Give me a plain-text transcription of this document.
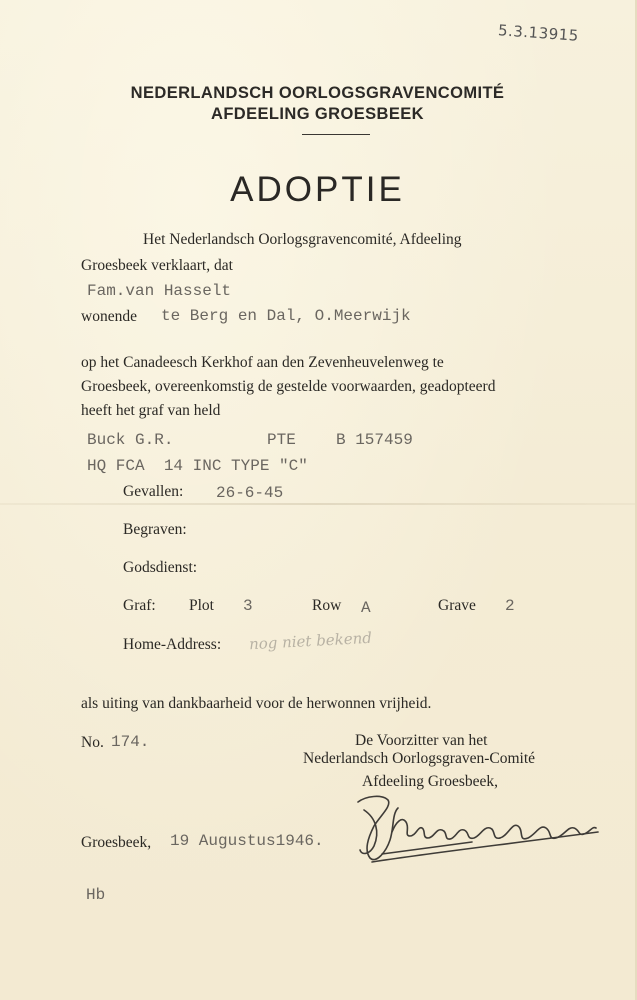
5.3.13915
NEDERLANDSCH OORLOGSGRAVENCOMITÉ
AFDEELING GROESBEEK
ADOPTIE
Het Nederlandsch Oorlogsgravencomité, Afdeeling
Groesbeek verklaart, dat
Fam.van Hasselt
wonende te Berg en Dal, O.Meerwijk
op het Canadeesch Kerkhof aan den Zevenheuvelenweg te
Groesbeek, overeenkomstig de gestelde voorwaarden, geadopteerd
heeft het graf van held
Buck G.R.	PTE	B 157459
HQ FCA  14 INC TYPE "C"
Gevallen: 26-6-45
Begraven:
Godsdienst:
Graf: Plot 3	Row A	Grave 2
Home-Address: nog niet bekend
als uiting van dankbaarheid voor de herwonnen vrijheid.
No. 174.	De Voorzitter van het
Nederlandsch Oorlogsgraven-Comité
Afdeeling Groesbeek,
Groesbeek, 19 Augustus1946.
Hb
